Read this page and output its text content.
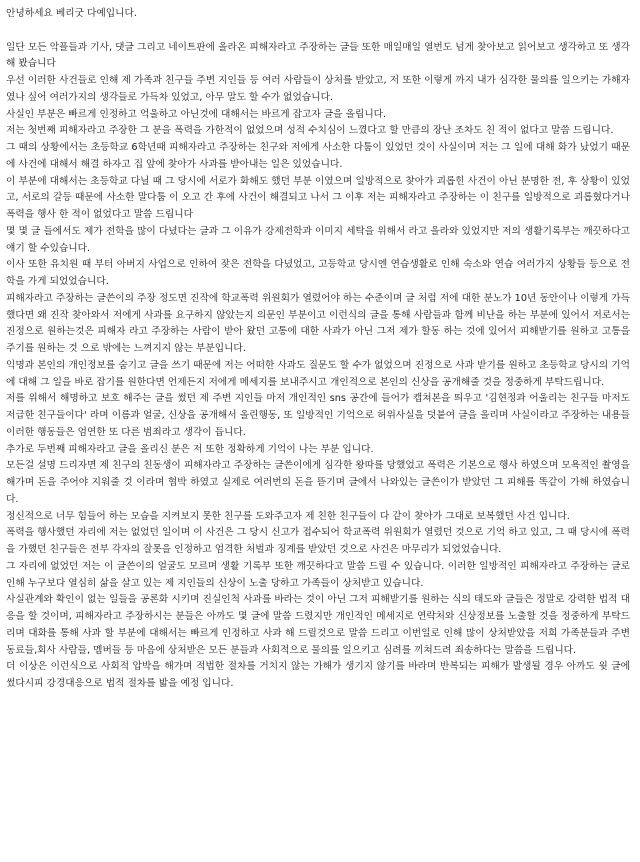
안녕하세요 베리굿 다예입니다.

일단 모든 악플들과 기사, 댓글 그리고 네이트판에 올라온 피해자라고 주장하는 글들 또한 매일매일 열번도 넘게 찾아보고 읽어보고 생각하고 또 생각 해 봤습니다

우선 이러한 사건들로 인해 제 가족과 친구들 주변 지인들 등 여러 사람들이 상처를 받았고, 저 또한 이렇게 까지 내가 심각한 물의를 일으키는 가해자였나 싶어 여러가지의 생각들로 가득차 있었고, 아무 말도 할 수가 없었습니다.

사실인 부분은 빠르게 인정하고 억울하고 아닌것에 대해서는 바르게 잡고자 글을 올립니다.

저는 첫번째 피해자라고 주장한 그 분을 폭력을 가한적이 없었으며 성적 수치심이 느꼈다고 할 만큼의 장난 조차도 친 적이 없다고 말씀 드립니다.

그 때의 상황에서는 초등학교 6학년때 피해자라고 주장하는 친구와 저에게 사소한 다툼이 있었던 것이 사실이며 저는 그 일에 대해 화가 났었기 때문에 사건에 대해서 해결 하자고 집 앞에 찾아가 사과를 받아내는 일은 있었습니다.

이 부분에 대해서는 초등학교 다닐 때 그 당시에 서로가 화해도 했던 부분 이였으며 일방적으로 찾아가 괴롭힌 사건이 아닌 분명한 전, 후 상황이 있었고, 서로의 갈등 때문에 사소한 말다툼 이 오고 간 후에 사건이 해결되고 나서 그 이후 저는 피해자라고 주장하는 이 친구를 일방적으로 괴롭혔다거나 폭력을 행사 한 적이 없었다고 말씀 드립니다

몇 몇 글 들에서도 제가 전학을 많이 다녔다는 글과 그 이유가 강제전학과 이미지 세탁을 위해서 라고 올라와 있었지만 저의 생활기록부는 깨끗하다고 얘기 할 수있습니다.

이사 또한 유치원 때 부터 아버지 사업으로 인하여 잦은 전학을 다녔었고, 고등학교 당시엔 연습생활로 인해 숙소와 연습 여러가지 상황들 등으로 전학을 가게 되었었습니다.

피해자라고 주장하는 글쓴이의 주장 정도면 진작에 학교폭력 위원회가 열렸어야 하는 수준이며 글 처럼 저에 대한 분노가 10년 동안이나 이렇게 가득 했다면 왜 진작 찾아와서 저에게 사과를 요구하지 않았는지 의문인 부분이고 이런식의 글을 통해 사람들과 함께 비난을 하는 부분에 있어서 저로서는 진정으로 원하는것은 피해자 라고 주장하는 사람이 받아 왔던 고통에 대한 사과가 아닌 그저 제가 할동 하는 것에 있어서 피해받기를 원하고 고통을 주기를 원하는 것 으로 밖에는 느껴지지 않는 부분입니다.

익명과 본인의 개인정보를 숨기고 글을 쓰기 때문에 저는 어떠한 사과도 질문도 할 수가 없었으며 진정으로 사과 받기를 원하고 초등학교 당시의 기억에 대해 그 일을 바로 잡기를 원한다면 언제든지 저에게 메세지를 보내주시고 개인적으로 본인의 신상을 공개해줄 것을 정중하게 부탁드립니다.

저를 위해서 해명하고 보호 해주는 글을 썼던 제 주변 지인들 마저 개인적인 sns 공간에 들어가 캡쳐본을 띄우고 '김현정과 어울리는 친구들 마저도 저급한 친구들이다' 라며 이름과 얼굴, 신상을 공개해서 올린행동, 또 일방적인 기억으로 허위사실을 덧붙여 글을 올리며 사실이라고 주장하는 내용들 이러한 행동들은 엄연한 또 다른 범죄라고 생각이 듭니다.

추가로 두번째 피해자라고 글을 올리신 분은 저 또한 정확하게 기억이 나는 부분 입니다.

모든걸 설명 드리자면 제 친구의 친동생이 피해자라고 주장하는 글쓴이에게 심각한 왕따를 당했었고 폭력은 기본으로 행사 하였으며 모욕적인 촬영을 해가며 돈을 주어야 지워줄 것 이라며 협박 하였고 실제로 여러번의 돈을 뜯기며 글에서 나와있는 글쓴이가 받았던 그 피해를 똑같이 가해 하였습니다.

정신적으로 너무 힘들어 하는 모습을 지켜보지 못한 친구를 도와주고자 제 친한 친구들이 다 같이 찾아가 그대로 보복했던 사건 입니다.

폭력을 행사했던 자리에 저는 없었던 일이며 이 사건은 그 당시 신고가 접수되어 학교폭력 위원회가 열렸던 것으로 기억 하고 있고, 그 때 당시에 폭력을 가했던 친구들은 전부 각자의 잘못을 인정하고 엄격한 처벌과 징계를 받았던 것으로 사건은 마무리가 되었었습니다.

그 자리에 없었던 저는 이 글쓴이의 얼굴도 모르며 생활 기록부 또한 깨끗하다고 말씀 드릴 수 있습니다. 이러한 일방적인 피해자라고 주장하는 글로인해 누구보다 열심히 삶을 살고 있는 제 지인들의 신상이 노출 당하고 가족들이 상처받고 있습니다.

사실관계와 확인이 없는 일들을 공론화 시키며 진실인척 사과를 바라는 것이 아닌 그저 피해받기를 원하는 식의 태도와 글들은 정말로 강력한 법적 대응을 할 것이며, 피해자라고 주장하시는 분들은 아까도 몇 글에 말씀 드렸지만 개인적인 메세지로 연락처와 신상정보를 노출할 것을 정중하게 부탁드리며 대화를 통해 사과 할 부분에 대해서는 빠르게 인정하고 사과 해 드릴것으로 말씀 드리고 이번일로 인해 많이 상처받았을 저희 가족분들과 주변 동료들,회사 사람들, 멤버들 등 마음에 상처받은 모든 분들과 사회적으로 물의를 일으키고 심려를 끼쳐드려 죄송하다는 말씀을 드립니다.

더 이상은 이런식으로 사회적 압박을 해가며 적법한 절차를 거치지 않는 가해가 생기지 않기를 바라며 반복되는 피해가 발생될 경우 아까도 윗 글에 썼다시피 강경대응으로 법적 절차를 밟을 예정 입니다.
